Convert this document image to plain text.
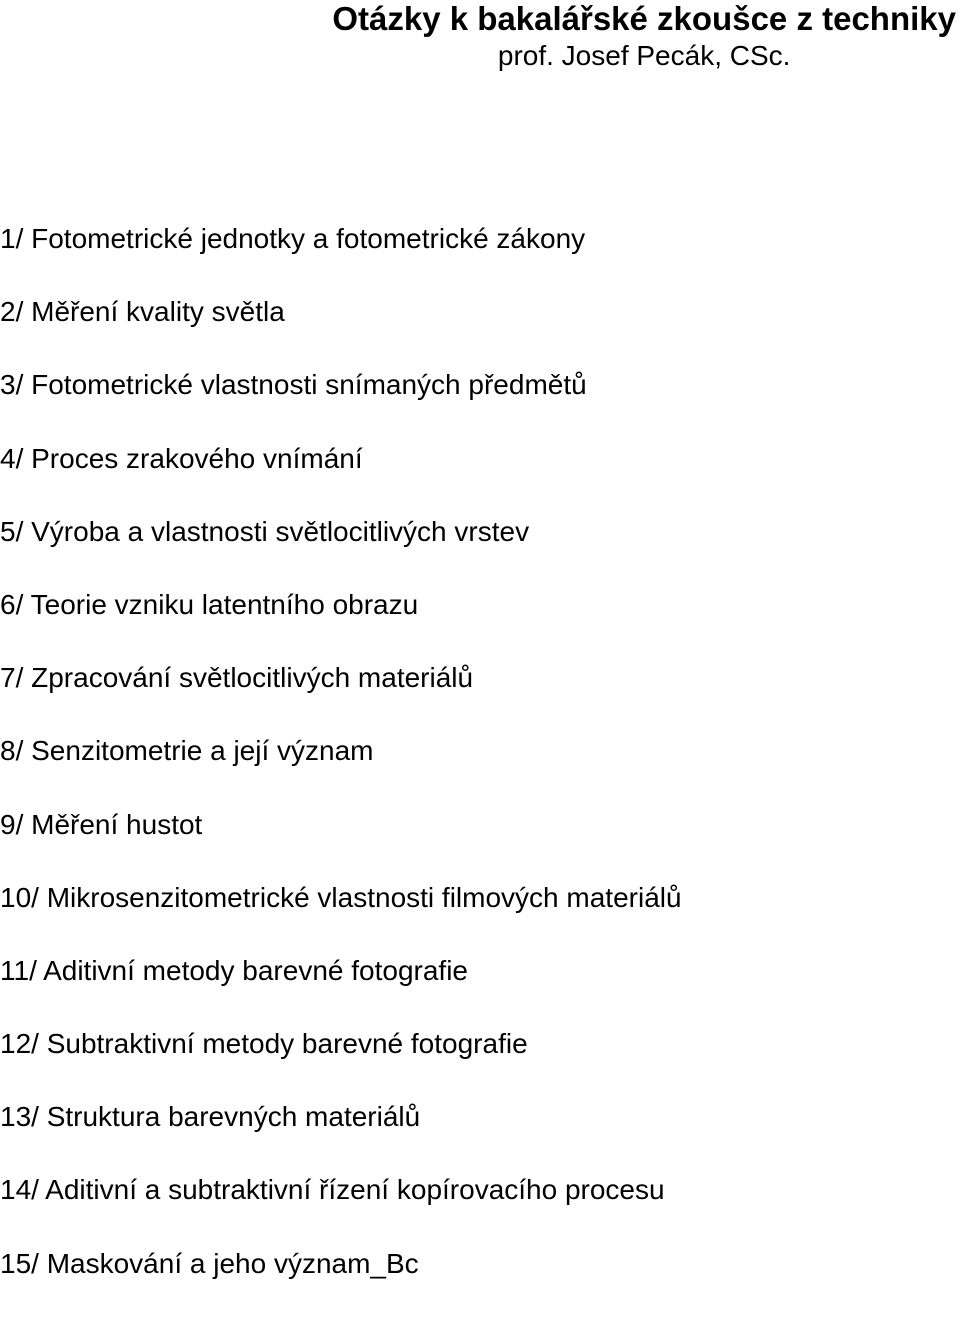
Otázky k bakalářské zkoušce z techniky

prof. Josef Pecák, CSc.

1/ Fotometrické jednotky a fotometrické zákony
2/ Měření kvality světla
3/ Fotometrické vlastnosti snímaných předmětů
4/ Proces zrakového vnímání
5/ Výroba a vlastnosti světlocitlivých vrstev
6/ Teorie vzniku latentního obrazu
7/ Zpracování světlocitlivých materiálů
8/ Senzitometrie a její význam
9/ Měření hustot
10/ Mikrosenzitometrické vlastnosti filmových materiálů
11/ Aditivní metody barevné fotografie
12/ Subtraktivní metody barevné fotografie
13/ Struktura barevných materiálů
14/ Aditivní a subtraktivní řízení kopírovacího procesu
15/ Maskování a jeho význam_Bc
